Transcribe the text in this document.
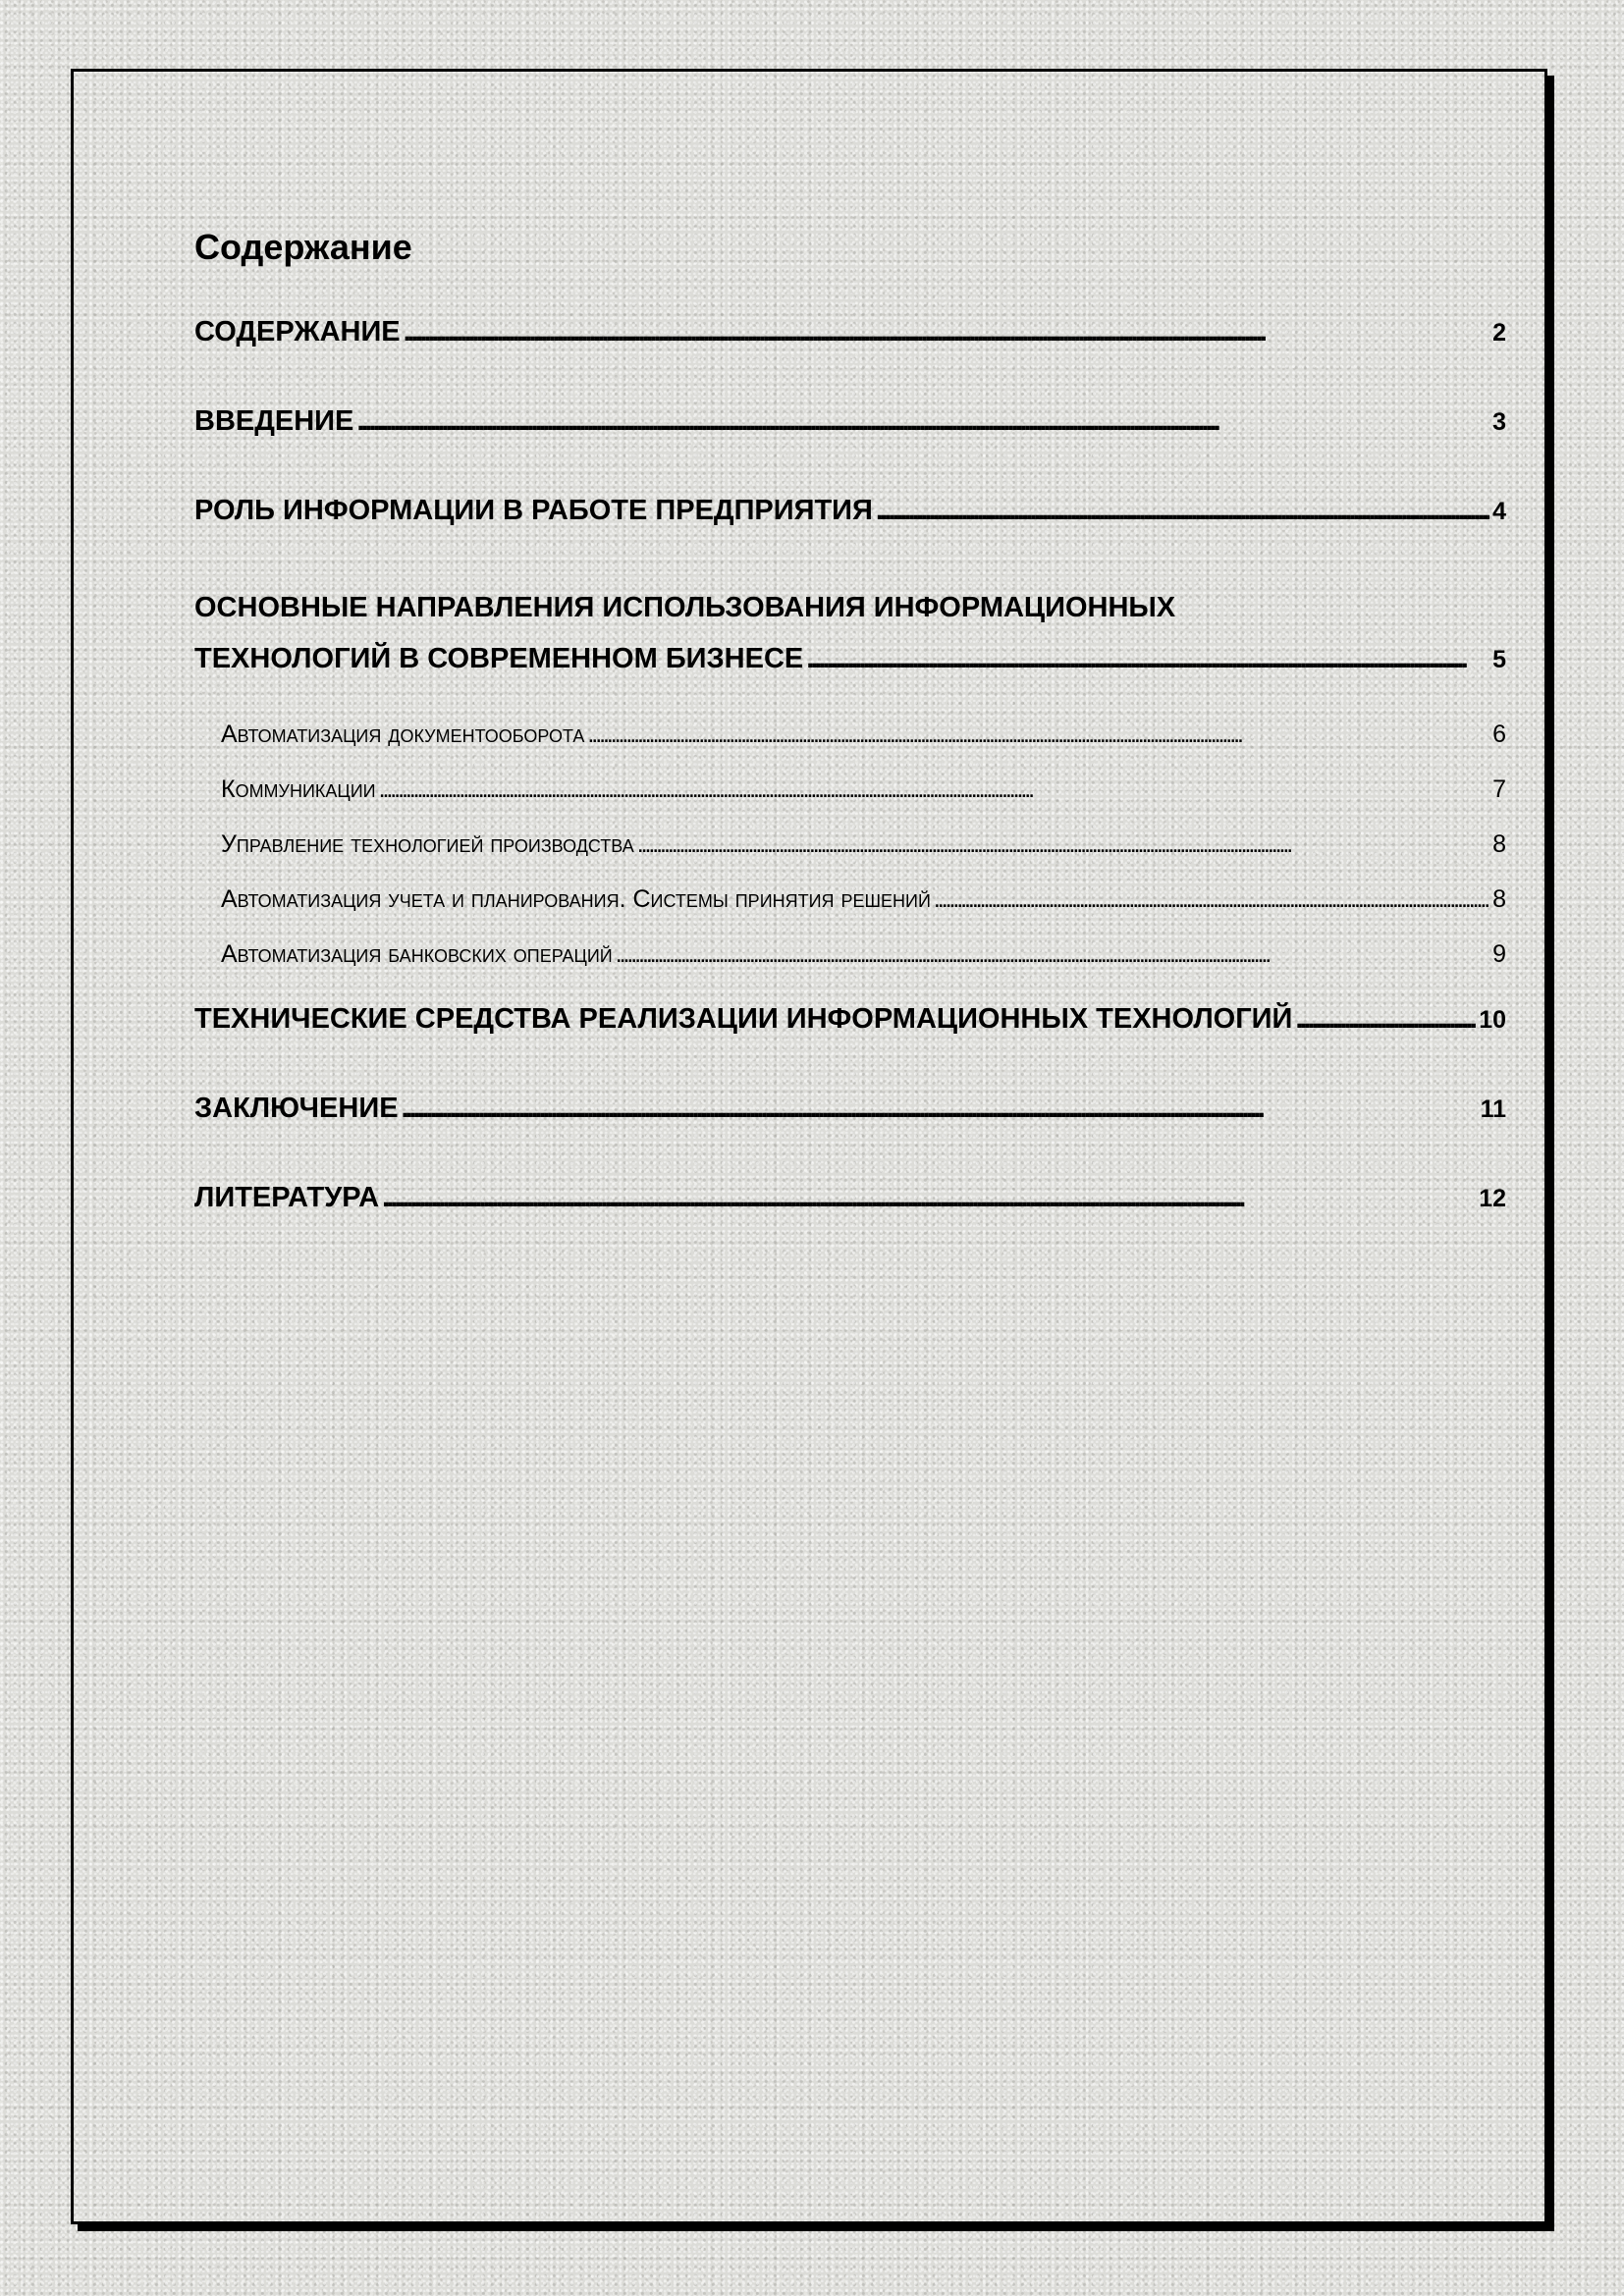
Содержание
СОДЕРЖАНИЕ . . .	2
ВВЕДЕНИЕ . . .	3
РОЛЬ ИНФОРМАЦИИ В РАБОТЕ ПРЕДПРИЯТИЯ . . .	4
ОСНОВНЫЕ НАПРАВЛЕНИЯ ИСПОЛЬЗОВАНИЯ ИНФОРМАЦИОННЫХ
ТЕХНОЛОГИЙ В СОВРЕМЕННОМ БИЗНЕСЕ . . .	5
Автоматизация документооборота . . .	6
Коммуникации . . .	7
Управление технологией производства . . .	8
Автоматизация учета и планирования. Системы принятия решений . . .	8
Автоматизация банковских операций . . .	9
ТЕХНИЧЕСКИЕ СРЕДСТВА РЕАЛИЗАЦИИ ИНФОРМАЦИОННЫХ ТЕХНОЛОГИЙ . . .	10
ЗАКЛЮЧЕНИЕ . . .	11
ЛИТЕРАТУРА . . .	12
